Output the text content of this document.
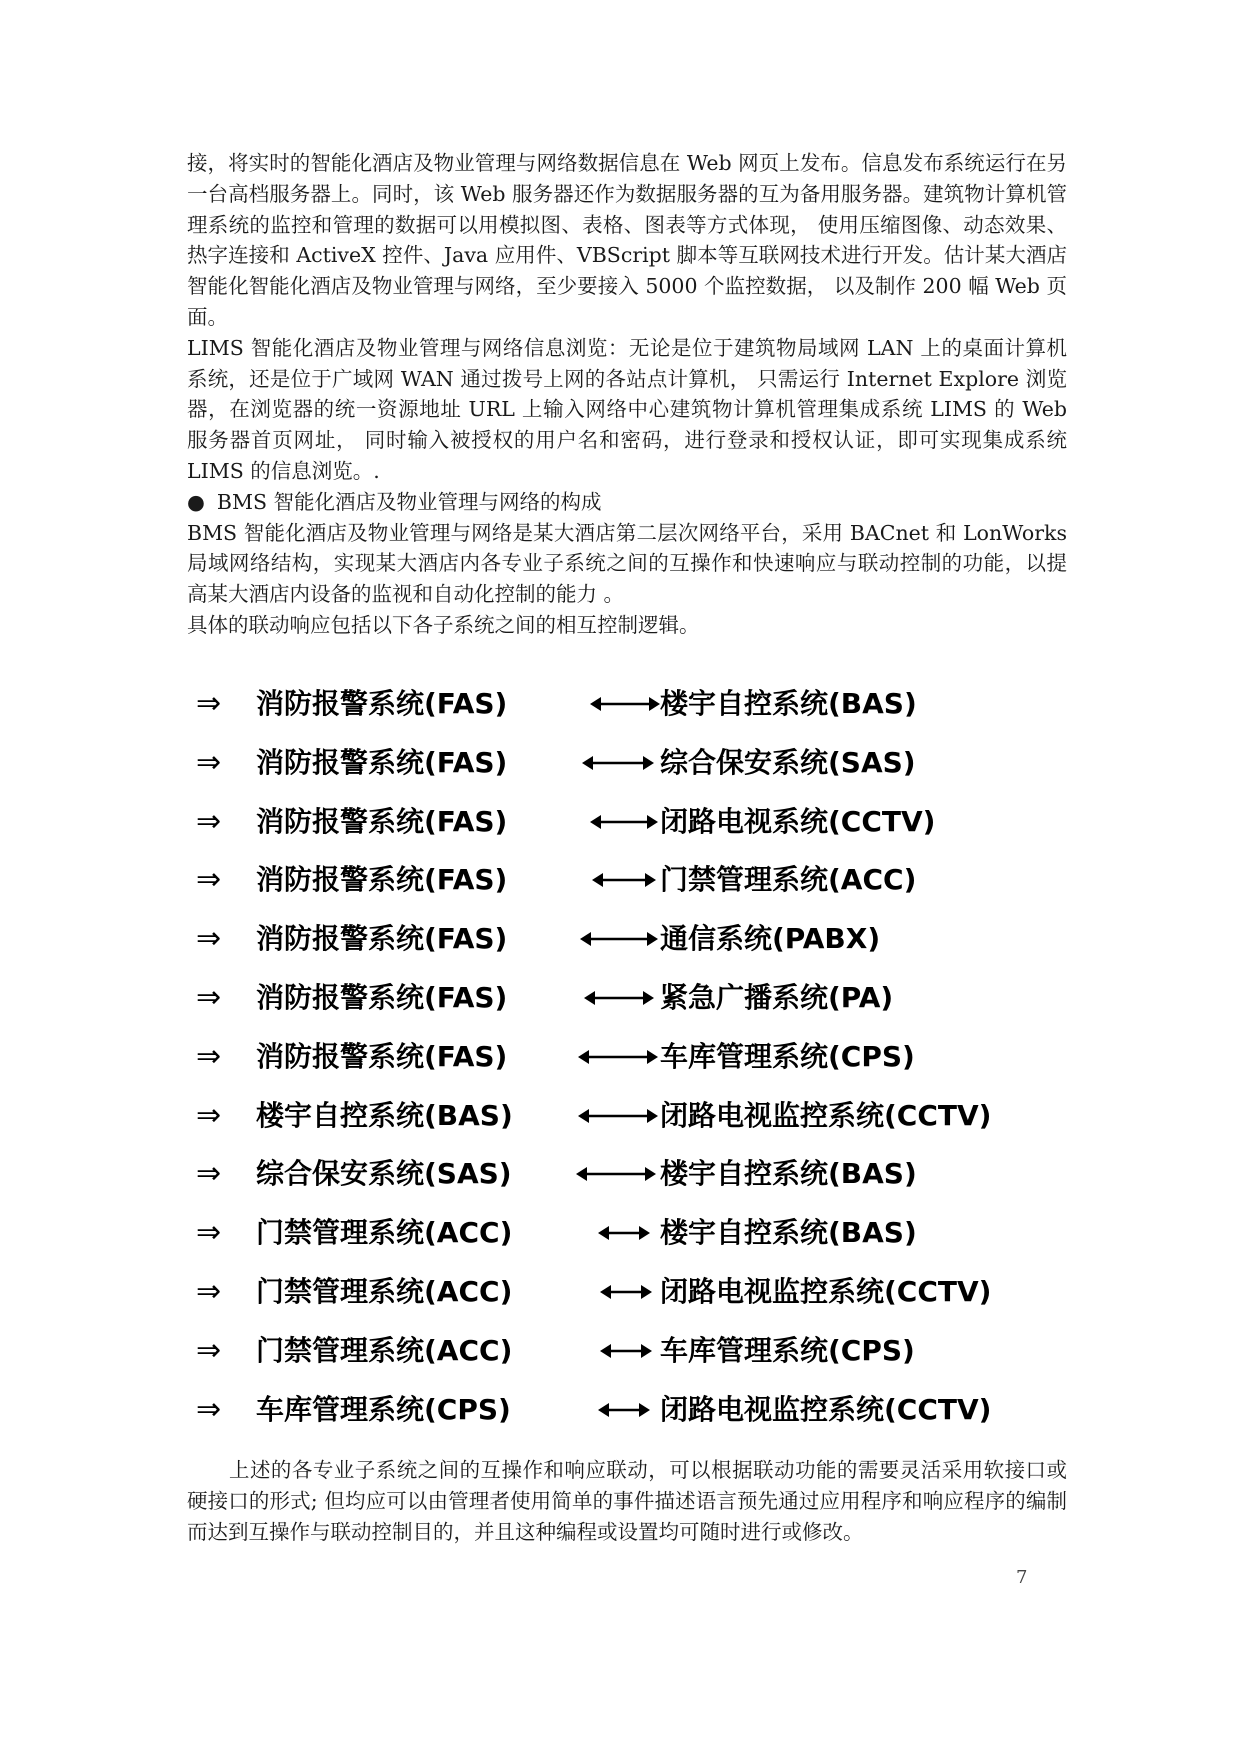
接，将实时的智能化酒店及物业管理与网络数据信息在 Web 网页上发布。信息发布系统运行在另一台高档服务器上。同时，该 Web 服务器还作为数据服务器的互为备用服务器。建筑物计算机管理系统的监控和管理的数据可以用模拟图、表格、图表等方式体现， 使用压缩图像、动态效果、热字连接和 ActiveX 控件、Java 应用件、VBScript 脚本等互联网技术进行开发。估计某大酒店智能化智能化酒店及物业管理与网络，至少要接入 5000 个监控数据， 以及制作 200 幅 Web 页面。

LIMS 智能化酒店及物业管理与网络信息浏览：无论是位于建筑物局域网 LAN 上的桌面计算机系统，还是位于广域网 WAN 通过拨号上网的各站点计算机， 只需运行 Internet Explore 浏览器，在浏览器的统一资源地址 URL 上输入网络中心建筑物计算机管理集成系统 LIMS 的 Web 服务器首页网址， 同时输入被授权的用户名和密码，进行登录和授权认证，即可实现集成系统 LIMS 的信息浏览。.

● BMS 智能化酒店及物业管理与网络的构成

BMS 智能化酒店及物业管理与网络是某大酒店第二层次网络平台，采用 BACnet 和 LonWorks 局域网络结构，实现某大酒店内各专业子系统之间的互操作和快速响应与联动控制的功能，以提高某大酒店内设备的监视和自动化控制的能力 。

具体的联动响应包括以下各子系统之间的相互控制逻辑。

⇒ 消防报警系统(FAS)	楼宇自控系统(BAS)
⇒ 消防报警系统(FAS)	综合保安系统(SAS)
⇒ 消防报警系统(FAS)	闭路电视系统(CCTV)
⇒ 消防报警系统(FAS)	门禁管理系统(ACC)
⇒ 消防报警系统(FAS)	通信系统(PABX)
⇒ 消防报警系统(FAS)	紧急广播系统(PA)
⇒ 消防报警系统(FAS)	车库管理系统(CPS)
⇒ 楼宇自控系统(BAS)	闭路电视监控系统(CCTV)
⇒ 综合保安系统(SAS)	楼宇自控系统(BAS)
⇒ 门禁管理系统(ACC)	楼宇自控系统(BAS)
⇒ 门禁管理系统(ACC)	闭路电视监控系统(CCTV)
⇒ 门禁管理系统(ACC)	车库管理系统(CPS)
⇒ 车库管理系统(CPS)	闭路电视监控系统(CCTV)

上述的各专业子系统之间的互操作和响应联动，可以根据联动功能的需要灵活采用软接口或硬接口的形式; 但均应可以由管理者使用简单的事件描述语言预先通过应用程序和响应程序的编制而达到互操作与联动控制目的，并且这种编程或设置均可随时进行或修改。

7
